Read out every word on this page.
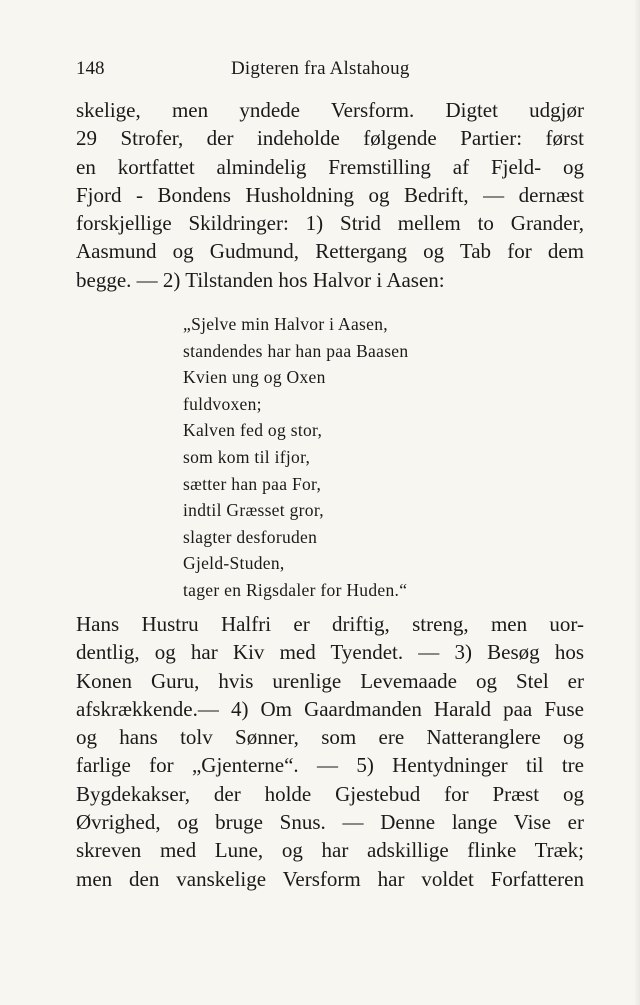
148	Digteren fra Alstahoug
skelige, men yndede Versform. Digtet udgjør
29 Strofer, der indeholde følgende Partier: først
en kortfattet almindelig Fremstilling af Fjeld- og
Fjord - Bondens Husholdning og Bedrift, — dernæst
forskjellige Skildringer: 1) Strid mellem to Grander,
Aasmund og Gudmund, Rettergang og Tab for dem
begge. — 2) Tilstanden hos Halvor i Aasen:
„Sjelve min Halvor i Aasen,
standendes har han paa Baasen
Kvien ung og Oxen
fuldvoxen;
Kalven fed og stor,
som kom til ifjor,
sætter han paa For,
indtil Græsset gror,
slagter desforuden
Gjeld-Studen,
tager en Rigsdaler for Huden.“
Hans Hustru Halfri er driftig, streng, men uor-
dentlig, og har Kiv med Tyendet. — 3) Besøg hos
Konen Guru, hvis urenlige Levemaade og Stel er
afskrækkende.— 4) Om Gaardmanden Harald paa Fuse
og hans tolv Sønner, som ere Natteranglere og
farlige for „Gjenterne“. — 5) Hentydninger til tre
Bygdekakser, der holde Gjestebud for Præst og
Øvrighed, og bruge Snus. — Denne lange Vise er
skreven med Lune, og har adskillige flinke Træk;
men den vanskelige Versform har voldet Forfatteren
